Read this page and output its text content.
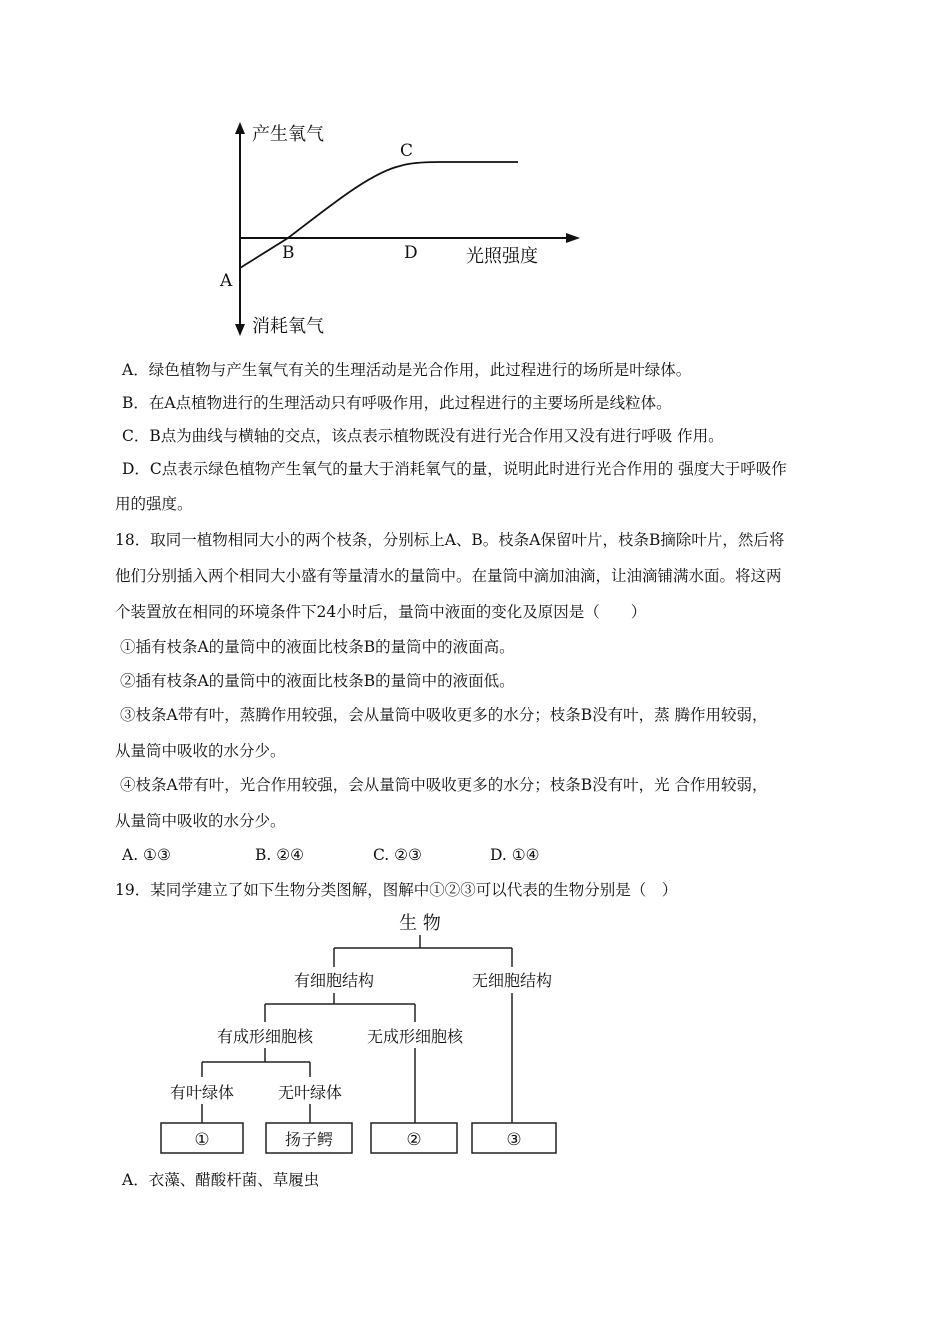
产生氧气
消耗氧气
光照强度
A
B
C
D
A．绿色植物与产生氧气有关的生理活动是光合作用，此过程进行的场所是叶绿体。
B．在A点植物进行的生理活动只有呼吸作用，此过程进行的主要场所是线粒体。
C．B点为曲线与横轴的交点，该点表示植物既没有进行光合作用又没有进行呼吸 作用。
D．C点表示绿色植物产生氧气的量大于消耗氧气的量，说明此时进行光合作用的 强度大于呼吸作
用的强度。
18．取同一植物相同大小的两个枝条，分别标上A、B。枝条A保留叶片，枝条B摘除叶片，然后将
他们分别插入两个相同大小盛有等量清水的量筒中。在量筒中滴加油滴，让油滴铺满水面。将这两
个装置放在相同的环境条件下24小时后，量筒中液面的变化及原因是（　　）
①插有枝条A的量筒中的液面比枝条B的量筒中的液面高。
②插有枝条A的量筒中的液面比枝条B的量筒中的液面低。
③枝条A带有叶，蒸腾作用较强，会从量筒中吸收更多的水分；枝条B没有叶，蒸 腾作用较弱，
从量筒中吸收的水分少。
④枝条A带有叶，光合作用较强，会从量筒中吸收更多的水分；枝条B没有叶，光 合作用较弱，
从量筒中吸收的水分少。
A. ①③	B. ②④	C. ②③	D. ①④
19．某同学建立了如下生物分类图解，图解中①②③可以代表的生物分别是（　）
生 物
有细胞结构	无细胞结构
有成形细胞核	无成形细胞核
有叶绿体	无叶绿体
①	扬子鳄	②	③
A．衣藻、醋酸杆菌、草履虫
